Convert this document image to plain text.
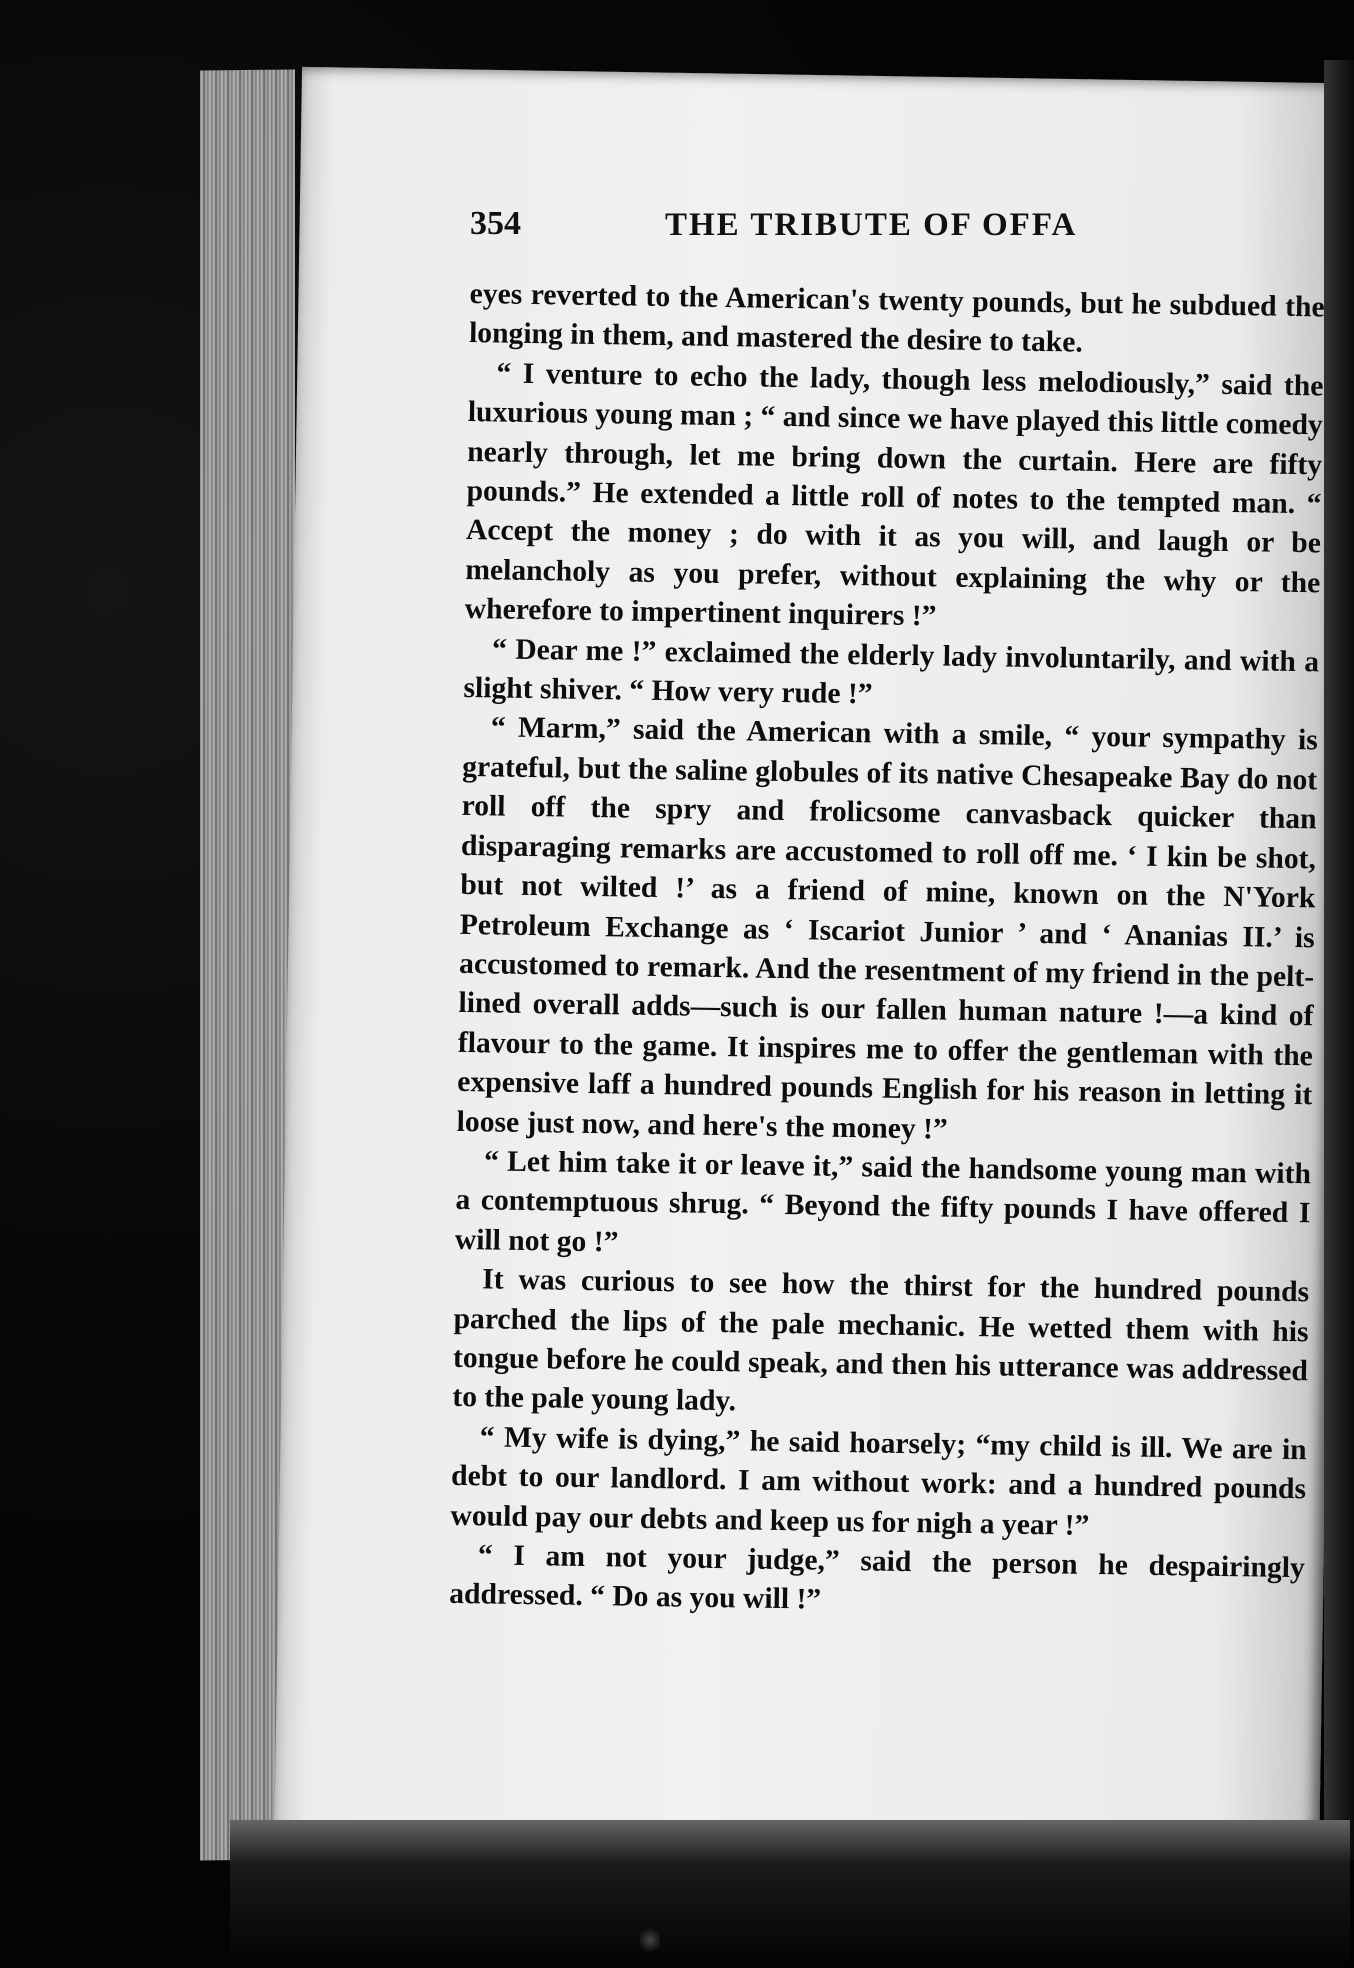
354	THE TRIBUTE OF OFFA

eyes reverted to the American's twenty pounds, but he subdued the longing in them, and mastered the desire to take.

“ I venture to echo the lady, though less melodiously,” said the luxurious young man ; “ and since we have played this little comedy nearly through, let me bring down the curtain. Here are fifty pounds.” He extended a little roll of notes to the tempted man. “ Accept the money ; do with it as you will, and laugh or be melancholy as you prefer, without explaining the why or the wherefore to impertinent inquirers !”

“ Dear me !” exclaimed the elderly lady involuntarily, and with a slight shiver. “ How very rude !”

“ Marm,” said the American with a smile, “ your sympathy is grateful, but the saline globules of its native Chesapeake Bay do not roll off the spry and frolicsome canvasback quicker than disparaging remarks are accustomed to roll off me. ‘ I kin be shot, but not wilted !’ as a friend of mine, known on the N'York Petroleum Exchange as ‘ Iscariot Junior ’ and ‘ Ananias II.’ is accustomed to remark. And the resentment of my friend in the pelt-lined overall adds—such is our fallen human nature !—a kind of flavour to the game. It inspires me to offer the gentleman with the expensive laff a hundred pounds English for his reason in letting it loose just now, and here's the money !”

“ Let him take it or leave it,” said the handsome young man with a contemptuous shrug. “ Beyond the fifty pounds I have offered I will not go !”

It was curious to see how the thirst for the hundred pounds parched the lips of the pale mechanic. He wetted them with his tongue before he could speak, and then his utterance was addressed to the pale young lady.

“ My wife is dying,” he said hoarsely; “my child is ill. We are in debt to our landlord. I am without work: and a hundred pounds would pay our debts and keep us for nigh a year !”

“ I am not your judge,” said the person he despairingly addressed. “ Do as you will !”
